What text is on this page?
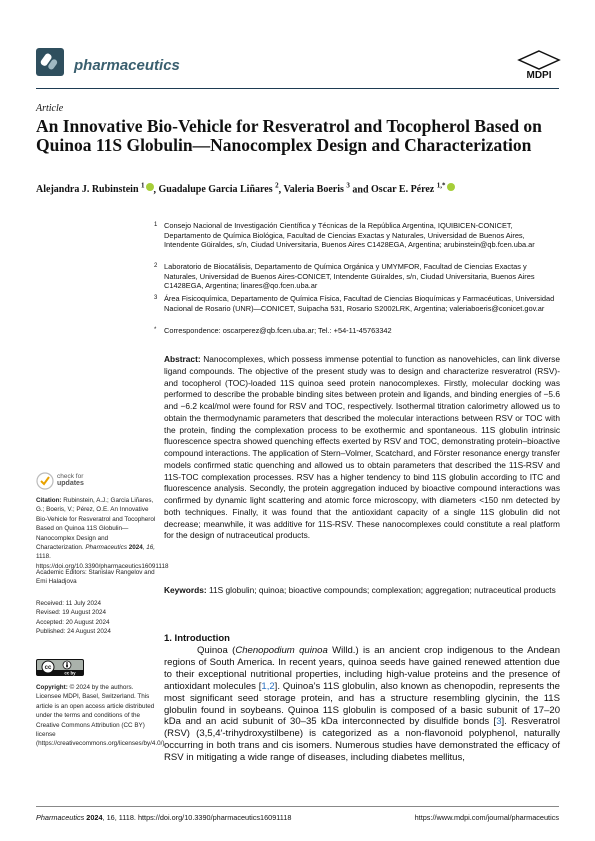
pharmaceutics
MDPI
Article
An Innovative Bio-Vehicle for Resveratrol and Tocopherol Based on Quinoa 11S Globulin—Nanocomplex Design and Characterization
Alejandra J. Rubinstein $^1$ , Guadalupe Garcia Liñares $^2$, Valeria Boeris $^3$ and Oscar E. Pérez $^{1,*}$
1 Consejo Nacional de Investigación Científica y Técnicas de la República Argentina, IQUIBICEN-CONICET, Departamento de Química Biológica, Facultad de Ciencias Exactas y Naturales, Universidad de Buenos Aires, Intendente Güiraldes, s/n, Ciudad Universitaria, Buenos Aires C1428EGA, Argentina; arubinstein@qb.fcen.uba.ar
2 Laboratorio de Biocatálisis, Departamento de Química Orgánica y UMYMFOR, Facultad de Ciencias Exactas y Naturales, Universidad de Buenos Aires-CONICET, Intendente Güiraldes, s/n, Ciudad Universitaria, Buenos Aires C1428EGA, Argentina; linares@qo.fcen.uba.ar
3 Área Fisicoquímica, Departamento de Química Física, Facultad de Ciencias Bioquímicas y Farmacéuticas, Universidad Nacional de Rosario (UNR)—CONICET, Suipacha 531, Rosario S2002LRK, Argentina; valeriaboeris@conicet.gov.ar
* Correspondence: oscarperez@qb.fcen.uba.ar; Tel.: +54-11-45763342
Abstract: Nanocomplexes, which possess immense potential to function as nanovehicles, can link diverse ligand compounds. The objective of the present study was to design and characterize resveratrol (RSV)- and tocopherol (TOC)-loaded 11S quinoa seed protein nanocomplexes. Firstly, molecular docking was performed to describe the probable binding sites between protein and ligands, and binding energies of −5.6 and −6.2 kcal/mol were found for RSV and TOC, respectively. Isothermal titration calorimetry allowed us to obtain the thermodynamic parameters that described the molecular interactions between RSV or TOC with the protein, finding the complexation process to be exothermic and spontaneous. 11S globulin intrinsic fluorescence spectra showed quenching effects exerted by RSV and TOC, demonstrating protein–bioactive compound interactions. The application of Stern–Volmer, Scatchard, and Förster resonance energy transfer models confirmed static quenching and allowed us to obtain parameters that described the 11S-RSV and 11S-TOC complexation processes. RSV has a higher tendency to bind 11S globulin according to ITC and fluorescence analysis. Secondly, the protein aggregation induced by bioactive compound interactions was confirmed by dynamic light scattering and atomic force microscopy, with diameters <150 nm detected by both techniques. Finally, it was found that the antioxidant capacity of a single 11S globulin did not decrease; meanwhile, it was additive for 11S-RSV. These nanocomplexes could constitute a real platform for the design of nutraceutical products.
Keywords: 11S globulin; quinoa; bioactive compounds; complexation; aggregation; nutraceutical products
check for
updates
Citation: Rubinstein, A.J.; Garcia Liñares, G.; Boeris, V.; Pérez, O.E. An Innovative Bio-Vehicle for Resveratrol and Tocopherol Based on Quinoa 11S Globulin—Nanocomplex Design and Characterization. Pharmaceutics 2024, 16, 1118. https://doi.org/10.3390/pharmaceutics16091118
Academic Editors: Stanislav Rangelov and Emi Haladjova
Received: 11 July 2024
Revised: 19 August 2024
Accepted: 20 August 2024
Published: 24 August 2024
cc
cc by
Copyright: © 2024 by the authors. Licensee MDPI, Basel, Switzerland. This article is an open access article distributed under the terms and conditions of the Creative Commons Attribution (CC BY) license (https://creativecommons.org/licenses/by/4.0/).
1. Introduction
Quinoa (Chenopodium quinoa Willd.) is an ancient crop indigenous to the Andean regions of South America. In recent years, quinoa seeds have gained renewed attention due to their exceptional nutritional properties, including high-value proteins and the presence of antioxidant molecules [1,2]. Quinoa’s 11S globulin, also known as chenopodin, represents the most significant seed storage protein, and has a structure resembling glycinin, the 11S globulin found in soybeans. Quinoa 11S globulin is composed of a basic subunit of 17–20 kDa and an acid subunit of 30–35 kDa interconnected by disulfide bonds [3]. Resveratrol (RSV) (3,5,4′-trihydroxystilbene) is categorized as a non-flavonoid polyphenol, naturally occurring in both trans and cis isomers. Numerous studies have demonstrated the efficacy of RSV in mitigating a wide range of diseases, including diabetes mellitus,
Pharmaceutics 2024, 16, 1118. https://doi.org/10.3390/pharmaceutics16091118	https://www.mdpi.com/journal/pharmaceutics
